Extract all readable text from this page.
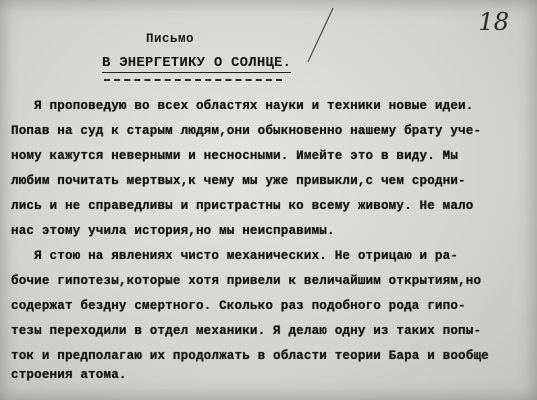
18
Письмо
В ЭНЕРГЕТИКУ О СОЛНЦЕ.
Я проповедую во всех областях науки и техники новые идеи.
Попав на суд к старым людям,они обыкновенно нашему брату уче-
ному кажутся неверными и несносными. Имейте это в виду. Мы
любим почитать мертвых,к чему мы уже привыкли,с чем сродни-
лись и не справедливы и пристрастны ко всему живому. Не мало
нас этому учила история,но мы неисправимы.
Я стою на явлениях чисто механических. Не отрицаю и ра-
бочие гипотезы,которые хотя привели к величайшим открытиям,но
содержат бездну смертного. Сколько раз подобного рода гипо-
тезы переходили в отдел механики. Я делаю одну из таких попы-
ток и предполагаю их продолжать в области теории Бара и вообще
строения атома.
